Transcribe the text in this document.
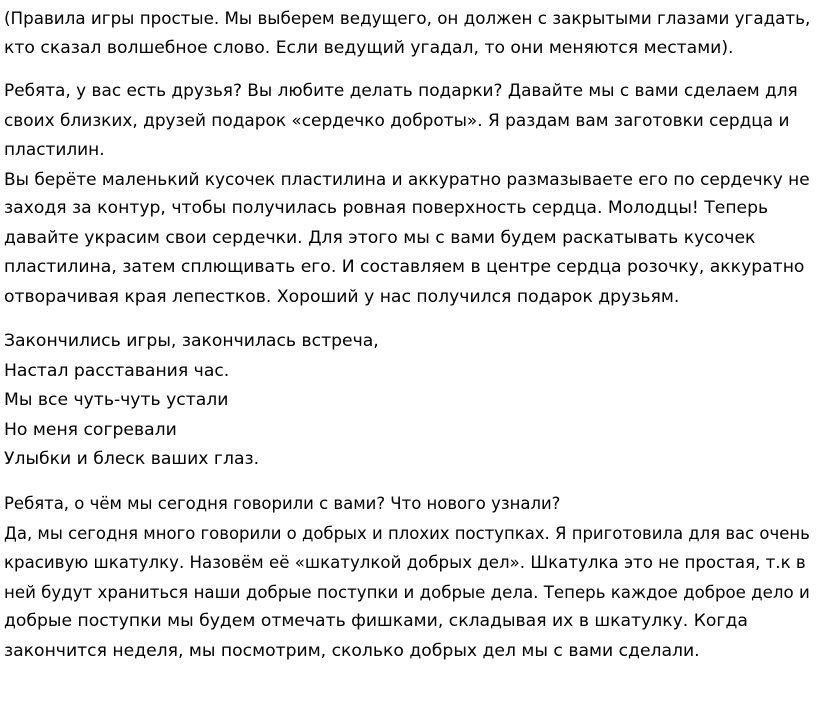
(Правила игры простые. Мы выберем ведущего, он должен с закрытыми глазами угадать,
кто сказал волшебное слово. Если ведущий угадал, то они меняются местами).

Ребята, у вас есть друзья? Вы любите делать подарки? Давайте мы с вами сделаем для
своих близких, друзей подарок «сердечко доброты». Я раздам вам заготовки сердца и
пластилин.
Вы берёте маленький кусочек пластилина и аккуратно размазываете его по сердечку не
заходя за контур, чтобы получилась ровная поверхность сердца. Молодцы! Теперь
давайте украсим свои сердечки. Для этого мы с вами будем раскатывать кусочек
пластилина, затем сплющивать его. И составляем в центре сердца розочку, аккуратно
отворачивая края лепестков. Хороший у нас получился подарок друзьям.

Закончились игры, закончилась встреча,
Настал расставания час.
Мы все чуть-чуть устали
Но меня согревали
Улыбки и блеск ваших глаз.

Ребята, о чём мы сегодня говорили с вами? Что нового узнали?
Да, мы сегодня много говорили о добрых и плохих поступках. Я приготовила для вас очень
красивую шкатулку. Назовём её «шкатулкой добрых дел». Шкатулка это не простая, т.к в
ней будут храниться наши добрые поступки и добрые дела. Теперь каждое доброе дело и
добрые поступки мы будем отмечать фишками, складывая их в шкатулку. Когда
закончится неделя, мы посмотрим, сколько добрых дел мы с вами сделали.
